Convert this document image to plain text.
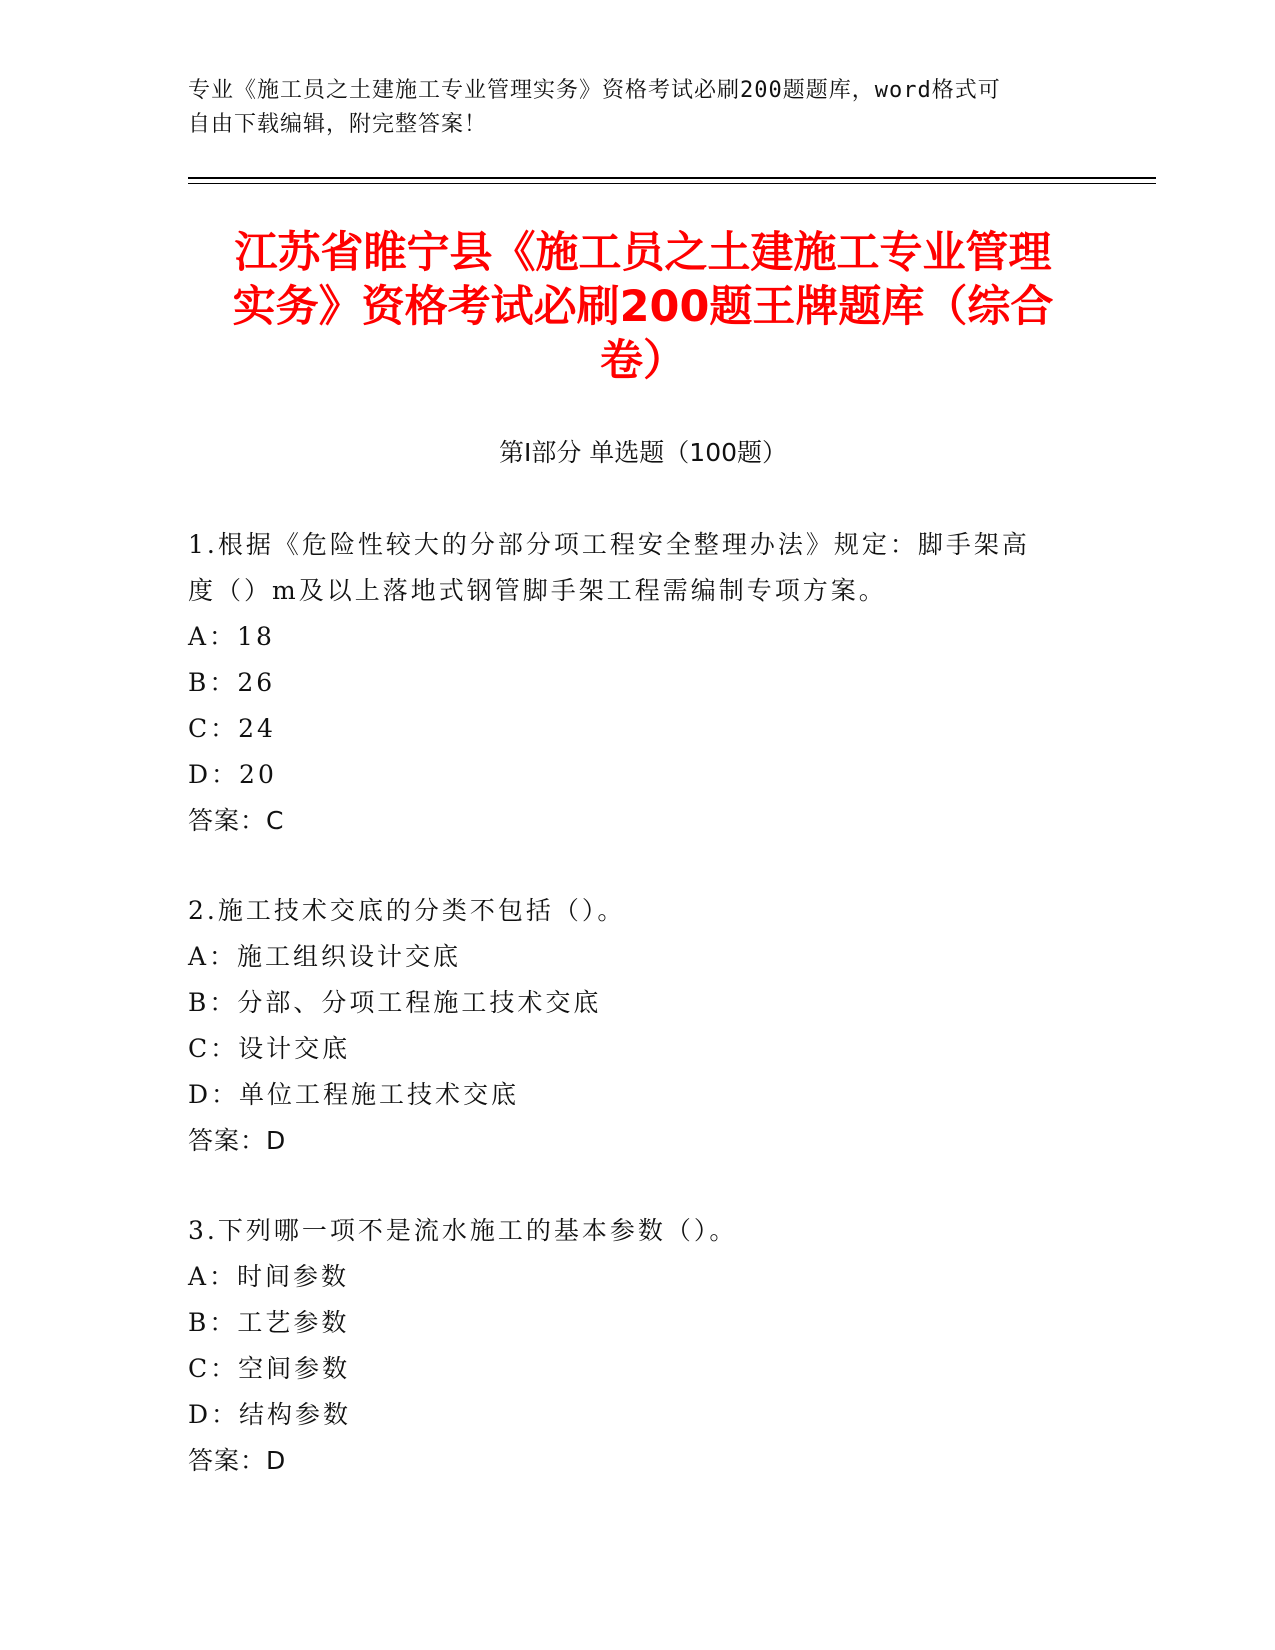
专业《施工员之土建施工专业管理实务》资格考试必刷200题题库，word格式可
自由下载编辑，附完整答案！
江苏省睢宁县《施工员之土建施工专业管理
实务》资格考试必刷200题王牌题库（综合
卷）
第I部分 单选题（100题）
1.根据《危险性较大的分部分项工程安全整理办法》规定：脚手架高
度（）m及以上落地式钢管脚手架工程需编制专项方案。
A：18
B：26
C：24
D：20
答案：C
2.施工技术交底的分类不包括（）。
A：施工组织设计交底
B：分部、分项工程施工技术交底
C：设计交底
D：单位工程施工技术交底
答案：D
3.下列哪一项不是流水施工的基本参数（）。
A：时间参数
B：工艺参数
C：空间参数
D：结构参数
答案：D
